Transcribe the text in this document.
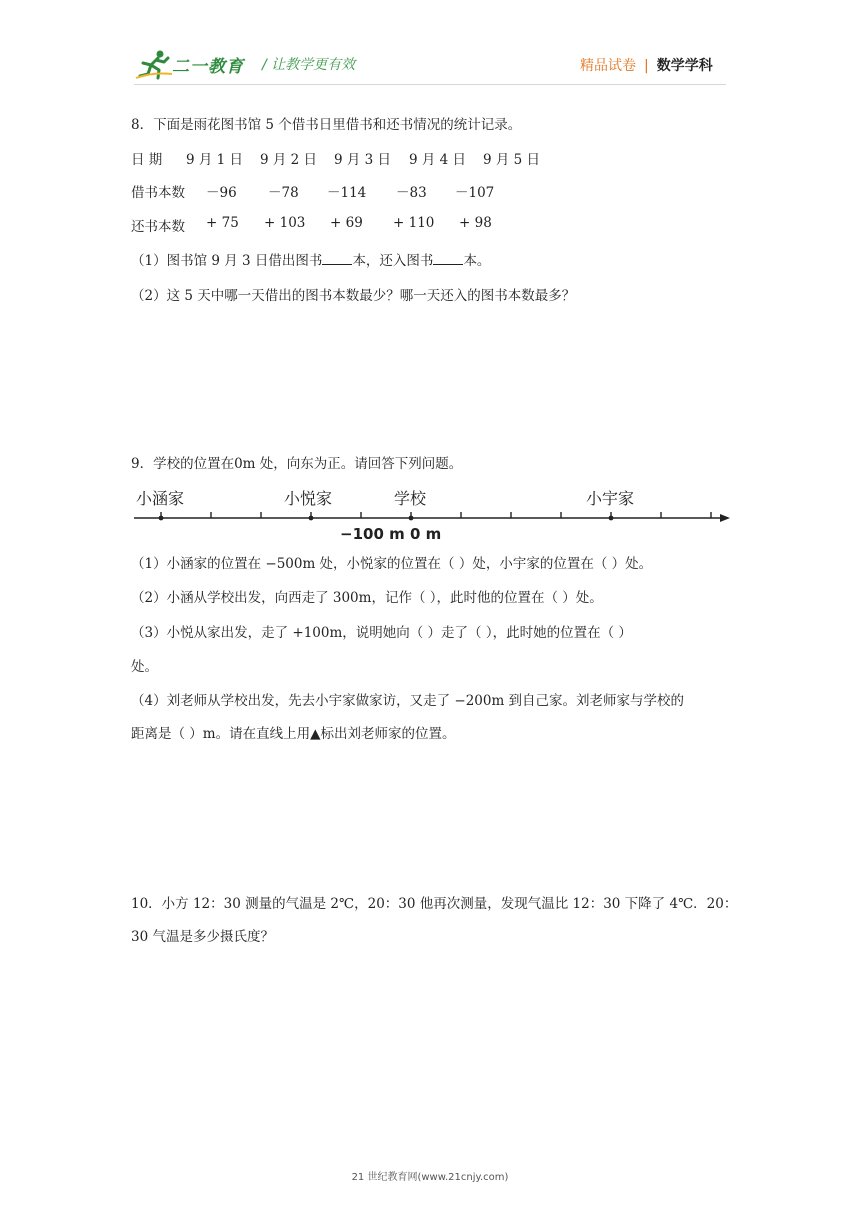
二一教育 / 让教学更有效	精品试卷 | 数学学科
8．下面是雨花图书馆 5 个借书日里借书和还书情况的统计记录。
日 期 9 月 1 日 9 月 2 日 9 月 3 日 9 月 4 日 9 月 5 日
借书本数 －96 －78 －114 －83 －107
还书本数 + 75 + 103 + 69 + 110 + 98
（1）图书馆 9 月 3 日借出图书 本，还入图书 本。
（2）这 5 天中哪一天借出的图书本数最少？哪一天还入的图书本数最多？
9．学校的位置在0m 处，向东为正。请回答下列问题。
小涵家	小悦家	学校	小宇家
−100 m 0 m
（1）小涵家的位置在 −500m 处，小悦家的位置在（ ）处，小宇家的位置在（ ）处。
（2）小涵从学校出发，向西走了 300m，记作（ ），此时他的位置在（ ）处。
（3）小悦从家出发，走了 +100m，说明她向（ ）走了（ ），此时她的位置在（ ）
处。
（4）刘老师从学校出发，先去小宇家做家访，又走了 −200m 到自己家。刘老师家与学校的
距离是（ ）m。请在直线上用▲标出刘老师家的位置。
10．小方 12：30 测量的气温是 2℃，20：30 他再次测量，发现气温比 12：30 下降了 4℃．20：
30 气温是多少摄氏度？
21 世纪教育网(www.21cnjy.com)
